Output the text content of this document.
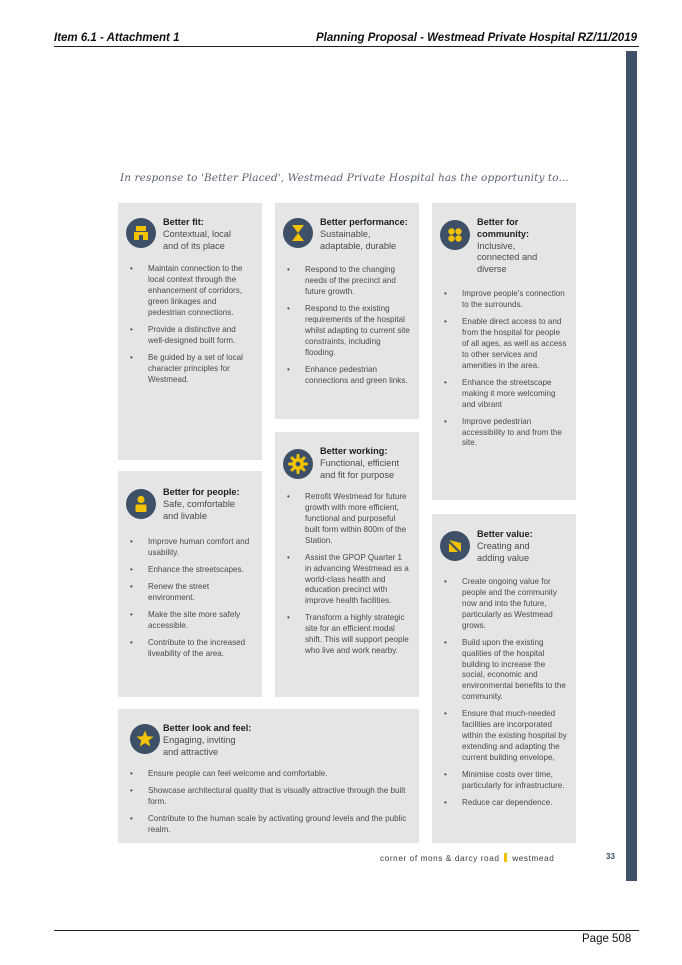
Item 6.1 - Attachment 1	Planning Proposal - Westmead Private Hospital RZ/11/2019
In response to 'Better Placed', Westmead Private Hospital has the opportunity to...
Better fit:
Contextual, local
and of its place
• Maintain connection to the local context through the enhancement of corridors, green linkages and pedestrian connections.
• Provide a distinctive and well-designed built form.
• Be guided by a set of local character principles for Westmead.
Better performance:
Sustainable,
adaptable, durable
• Respond to the changing needs of the precinct and future growth.
• Respond to the existing requirements of the hospital whilst adapting to current site constraints, including flooding.
• Enhance pedestrian connections and green links.
Better for community:
Inclusive,
connected and
diverse
• Improve people's connection to the surrounds.
• Enable direct access to and from the hospital for people of all ages, as well as access to other services and amenities in the area.
• Enhance the streetscape making it more welcoming and vibrant
• Improve pedestrian accessibility to and from the site.
Better working:
Functional, efficient
and fit for purpose
• Retrofit Westmead for future growth with more efficient, functional and purposeful built form within 800m of the Station.
• Assist the GPOP Quarter 1 in advancing Westmead as a world-class health and education precinct with improve health facilities.
• Transform a highly strategic site for an efficient modal shift. This will support people who live and work nearby.
Better for people:
Safe, comfortable
and livable
• Improve human comfort and usability.
• Enhance the streetscapes.
• Renew the street environment.
• Make the site more safely accessible.
• Contribute to the increased liveability of the area.
Better value:
Creating and
adding value
• Create ongoing value for people and the community now and into the future, particularly as Westmead grows.
• Build upon the existing qualities of the hospital building to increase the social, economic and environmental benefits to the community.
• Ensure that much-needed facilities are incorporated within the existing hospital by extending and adapting the current building envelope,
• Minimise costs over time, particularly for infrastructure.
• Reduce car dependence.
Better look and feel:
Engaging, inviting
and attractive
• Ensure people can feel welcome and comfortable.
• Showcase architectural quality that is visually attractive through the built form.
• Contribute to the human scale by activating ground levels and the public realm.
corner of mons & darcy road westmead	33
Page 508
